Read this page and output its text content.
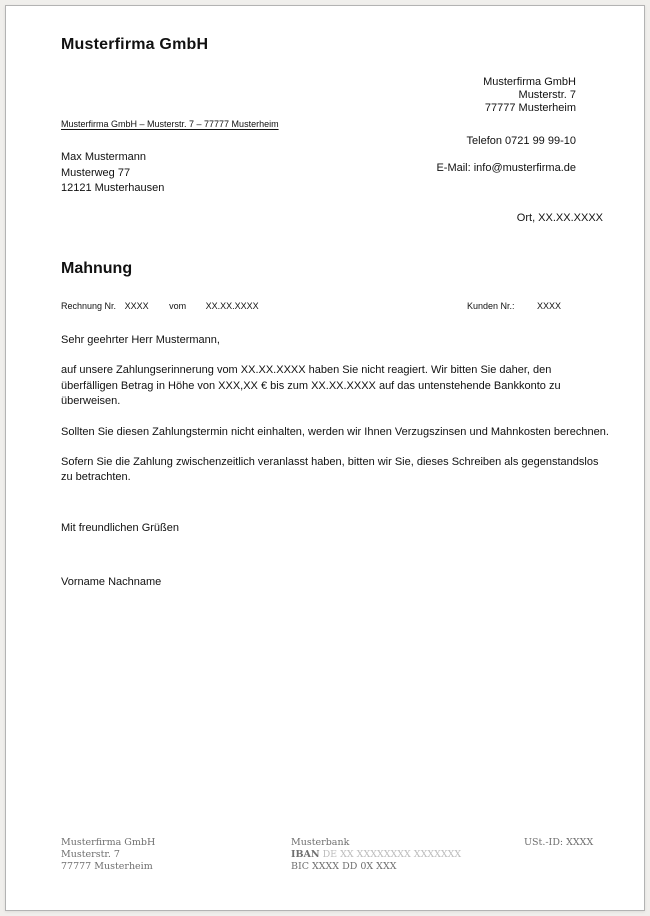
Musterfirma GmbH
Musterfirma GmbH
Musterstr. 7
77777 Musterheim
Telefon 0721 99 99-10
E-Mail: info@musterfirma.de
Musterfirma GmbH – Musterstr. 7 – 77777 Musterheim
Max Mustermann
Musterweg 77
12121 Musterhausen
Ort, XX.XX.XXXX
Mahnung
Rechnung Nr. XXXX vom XX.XX.XXXX	Kunden Nr.:	XXXX

Sehr geehrter Herr Mustermann,

auf unsere Zahlungserinnerung vom XX.XX.XXXX haben Sie nicht reagiert. Wir bitten Sie daher, den überfälligen Betrag in Höhe von XXX,XX € bis zum XX.XX.XXXX auf das untenstehende Bankkonto zu überweisen.

Sollten Sie diesen Zahlungstermin nicht einhalten, werden wir Ihnen Verzugszinsen und Mahnkosten berechnen.

Sofern Sie die Zahlung zwischenzeitlich veranlasst haben, bitten wir Sie, dieses Schreiben als gegenstandslos zu betrachten.

Mit freundlichen Grüßen
Vorname Nachname
Musterfirma GmbH
Musterstr. 7
77777 Musterheim
Musterbank
IBAN DE XX XXXXXXXX XXXXXXX
BIC XXXX DD 0X XXX
USt.-ID: XXXX
